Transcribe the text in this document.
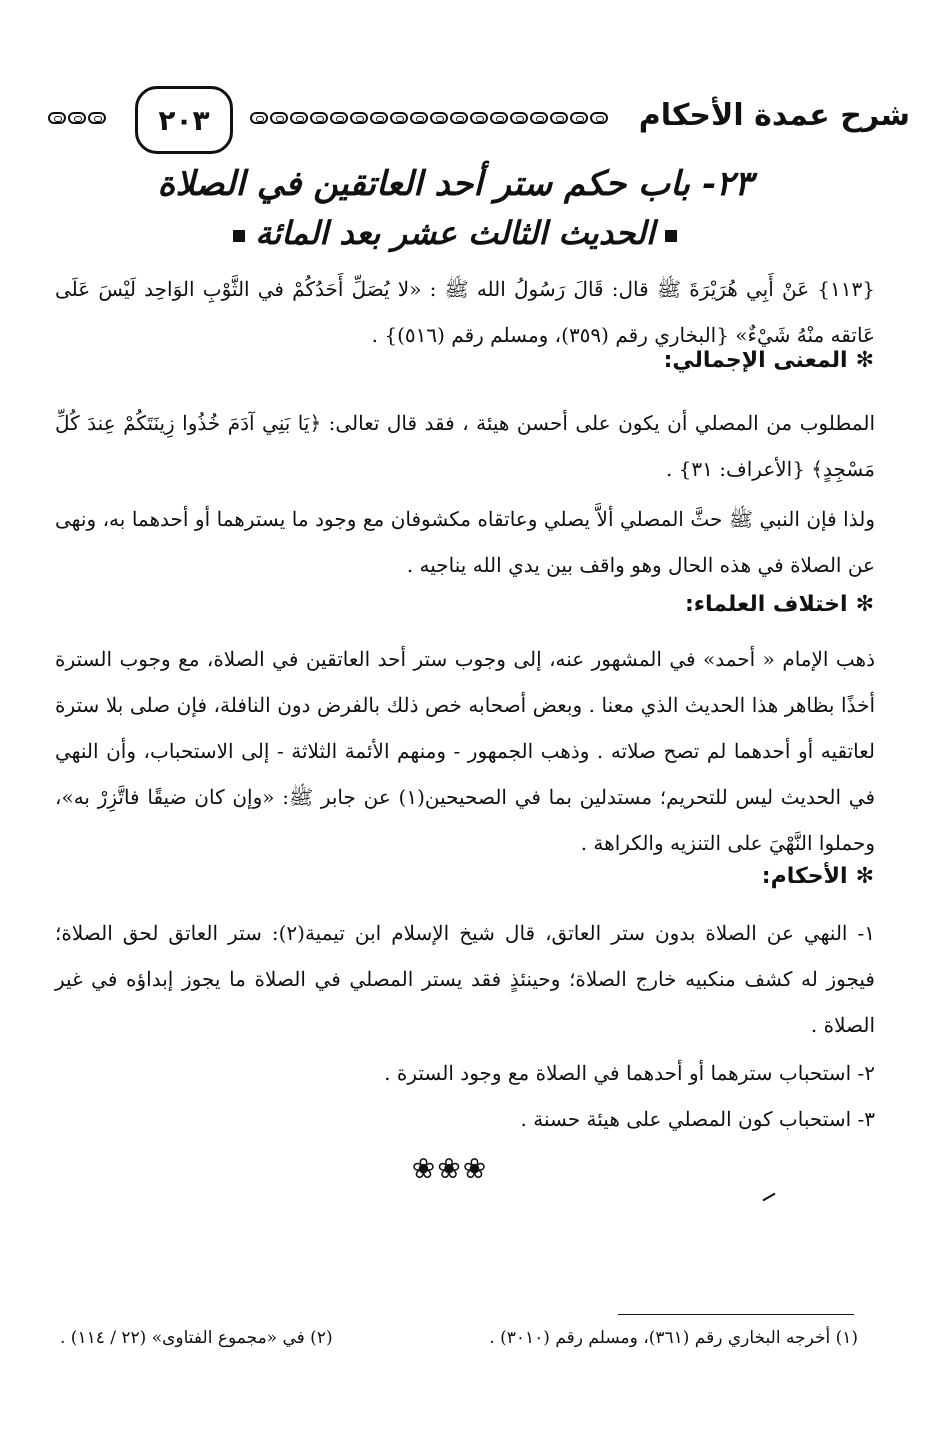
٢٠٣	شرح عمدة الأحكام
٢٣- باب حكم ستر أحد العاتقين في الصلاة
الحديث الثالث عشر بعد المائة
{١١٣} عَنْ أَبِي هُرَيْرَةَ ﷺ قال: قَالَ رَسُولُ الله ﷺ : «لا يُصَلِّ أَحَدُكُمْ في الثَّوْبِ الوَاحِد لَيْسَ عَلَى عَاتقه منْهُ شَيْءٌ» {البخاري رقم (٣٥٩)، ومسلم رقم (٥١٦)} .
✻المعنى الإجمالي:
المطلوب من المصلي أن يكون على أحسن هيئة ، فقد قال تعالى: ﴿يَا بَنِي آدَمَ خُذُوا زِينَتَكُمْ عِندَ كُلِّ مَسْجِدٍ﴾ {الأعراف: ٣١} .
ولذا فإن النبي ﷺ حثَّ المصلي ألاَّ يصلي وعاتقاه مكشوفان مع وجود ما يسترهما أو أحدهما به، ونهى عن الصلاة في هذه الحال وهو واقف بين يدي الله يناجيه .
✻اختلاف العلماء:
ذهب الإمام « أحمد» في المشهور عنه، إلى وجوب ستر أحد العاتقين في الصلاة، مع وجوب السترة أخذًا بظاهر هذا الحديث الذي معنا . وبعض أصحابه خص ذلك بالفرض دون النافلة، فإن صلى بلا سترة لعاتقيه أو أحدهما لم تصح صلاته . وذهب الجمهور - ومنهم الأئمة الثلاثة - إلى الاستحباب، وأن النهي في الحديث ليس للتحريم؛ مستدلين بما في الصحيحين(١) عن جابر ﷺ: «وإن كان ضيقًا فاتَّزِرْ به»، وحملوا النَّهْيَ على التنزيه والكراهة .
✻الأحكام:
١- النهي عن الصلاة بدون ستر العاتق، قال شيخ الإسلام ابن تيمية(٢): ستر العاتق لحق الصلاة؛ فيجوز له كشف منكبيه خارج الصلاة؛ وحينئذٍ فقد يستر المصلي في الصلاة ما يجوز إبداؤه في غير الصلاة .
٢- استحباب سترهما أو أحدهما في الصلاة مع وجود السترة .
٣- استحباب كون المصلي على هيئة حسنة .
❀❀❀
(١) أخرجه البخاري رقم (٣٦١)، ومسلم رقم (٣٠١٠) .
(٢) في «مجموع الفتاوى» (٢٢ / ١١٤) .
